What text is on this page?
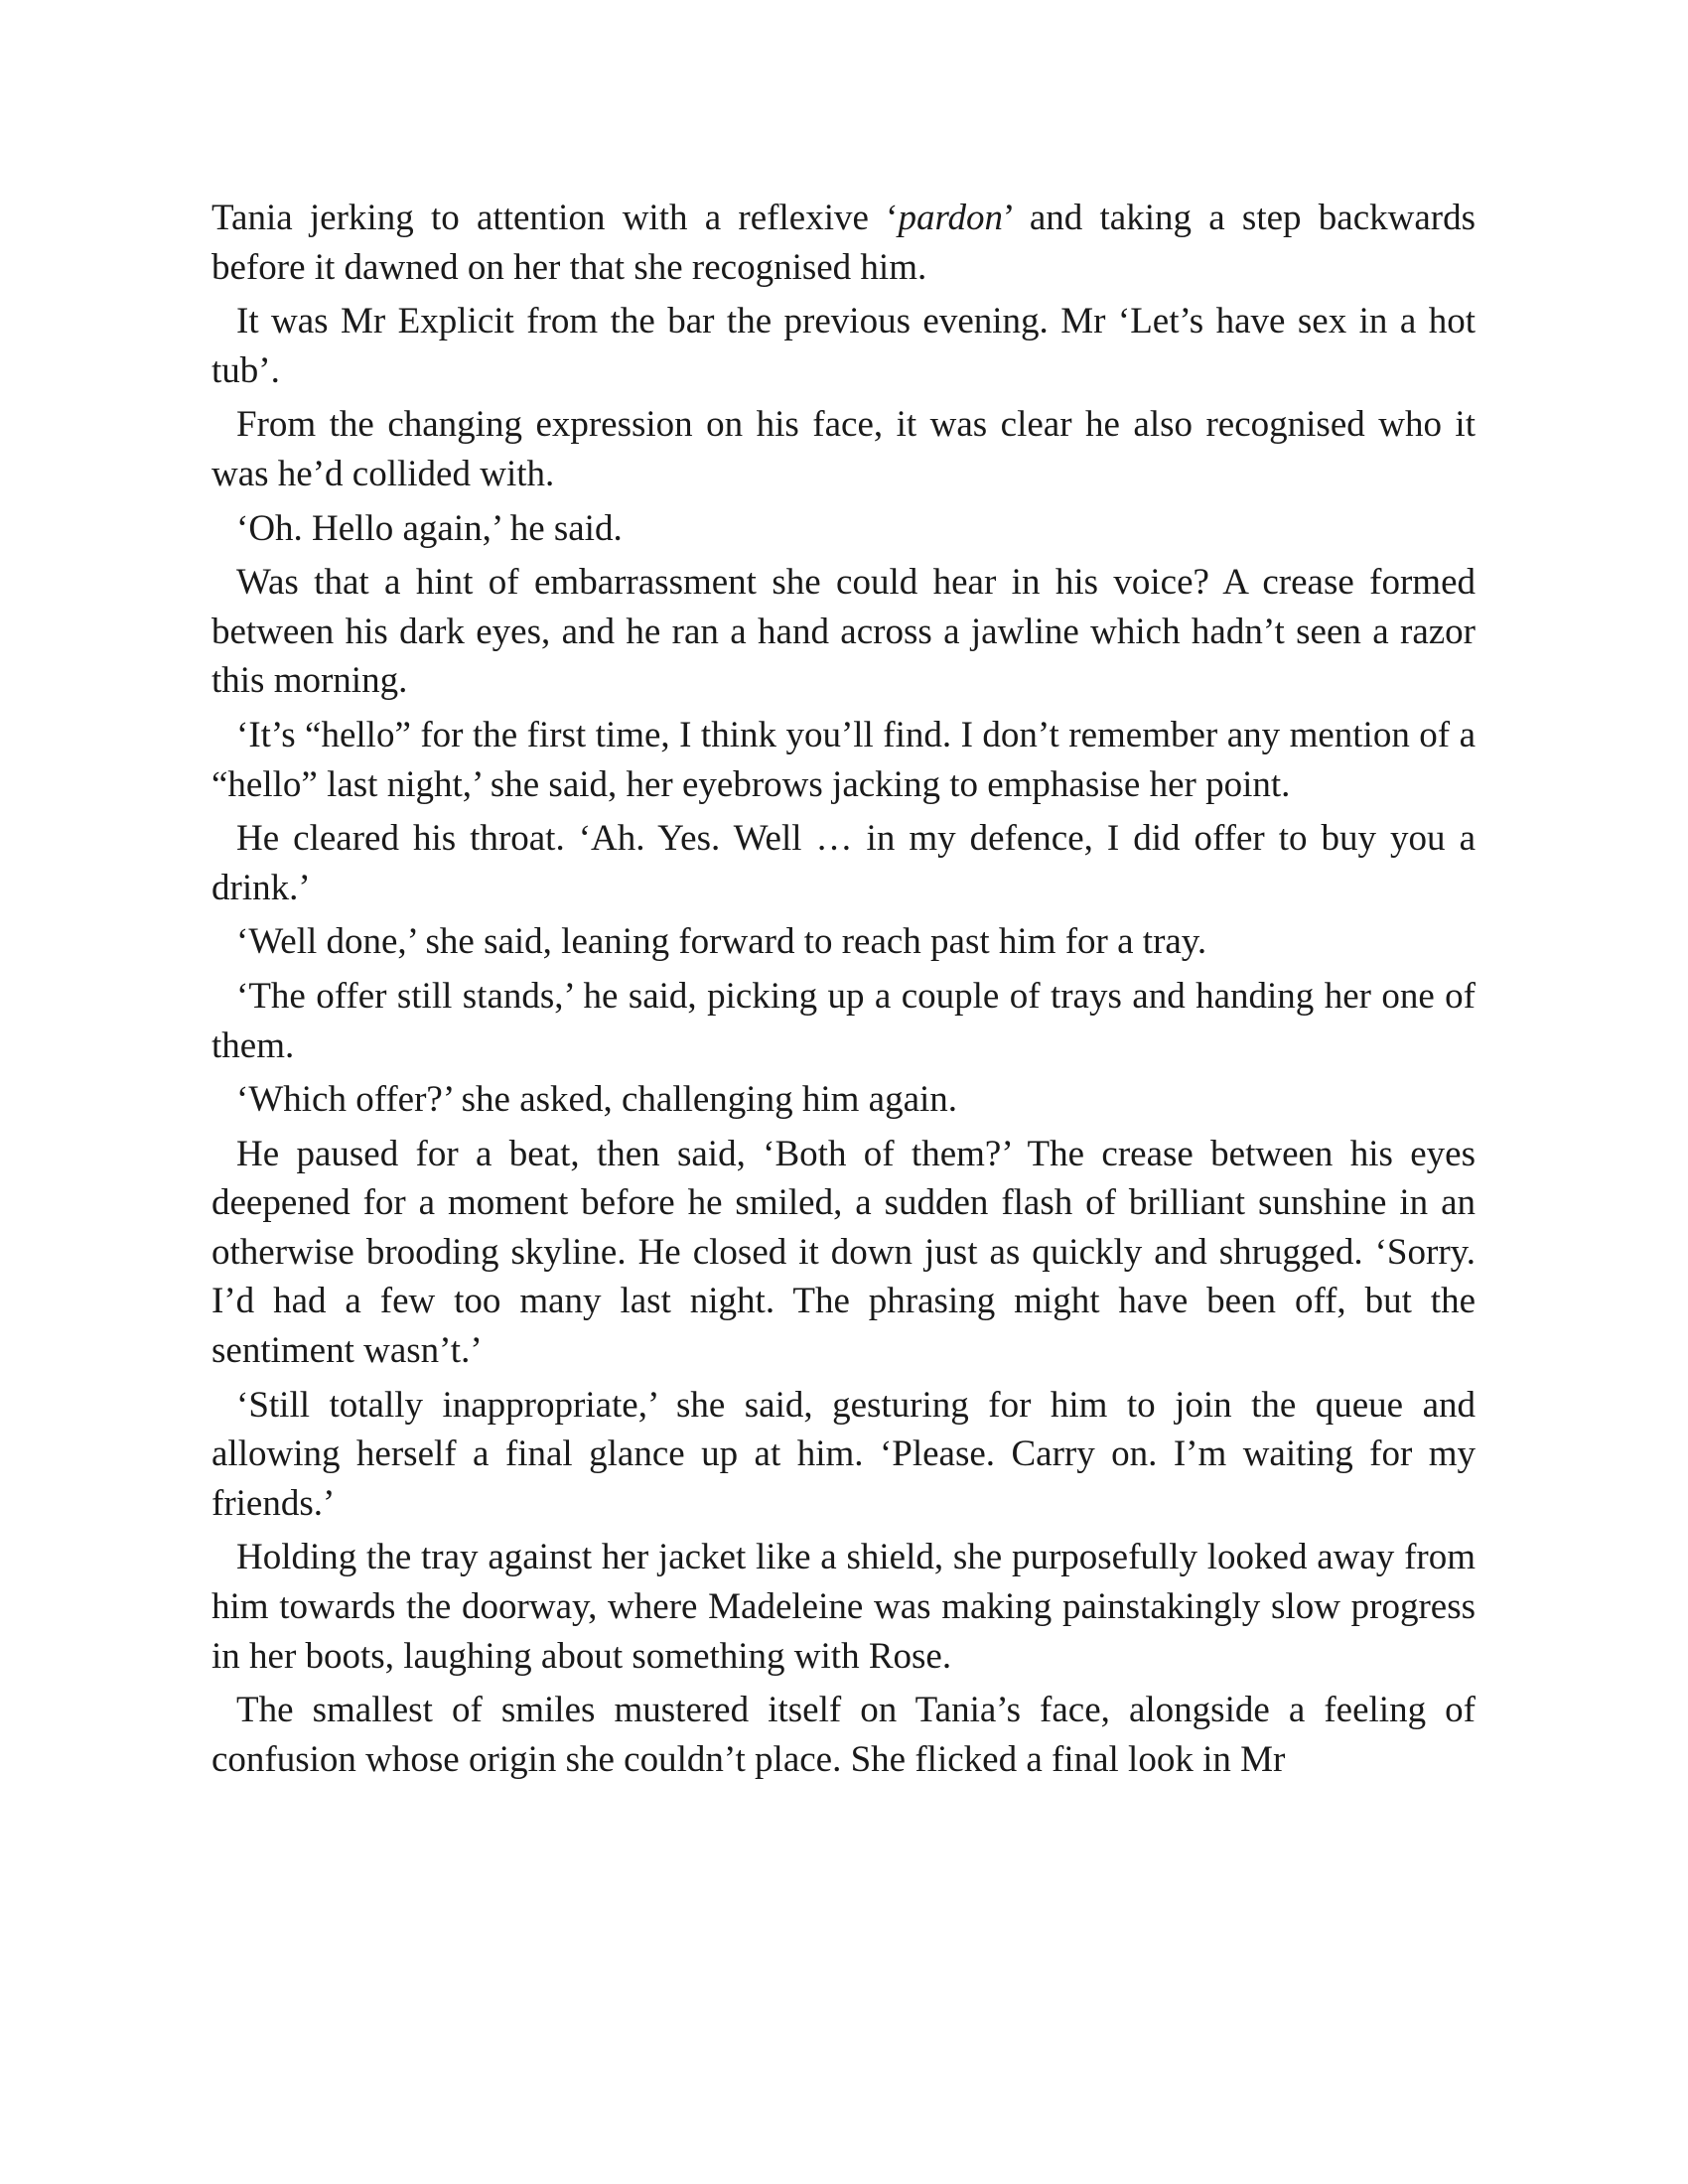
Tania jerking to attention with a reflexive ‘pardon’ and taking a step backwards before it dawned on her that she recognised him.

It was Mr Explicit from the bar the previous evening. Mr ‘Let’s have sex in a hot tub’.

From the changing expression on his face, it was clear he also recognised who it was he’d collided with.

‘Oh. Hello again,’ he said.

Was that a hint of embarrassment she could hear in his voice? A crease formed between his dark eyes, and he ran a hand across a jawline which hadn’t seen a razor this morning.

‘It’s “hello” for the first time, I think you’ll find. I don’t remember any mention of a “hello” last night,’ she said, her eyebrows jacking to emphasise her point.

He cleared his throat. ‘Ah. Yes. Well … in my defence, I did offer to buy you a drink.’

‘Well done,’ she said, leaning forward to reach past him for a tray.

‘The offer still stands,’ he said, picking up a couple of trays and handing her one of them.

‘Which offer?’ she asked, challenging him again.

He paused for a beat, then said, ‘Both of them?’ The crease between his eyes deepened for a moment before he smiled, a sudden flash of brilliant sunshine in an otherwise brooding skyline. He closed it down just as quickly and shrugged. ‘Sorry. I’d had a few too many last night. The phrasing might have been off, but the sentiment wasn’t.’

‘Still totally inappropriate,’ she said, gesturing for him to join the queue and allowing herself a final glance up at him. ‘Please. Carry on. I’m waiting for my friends.’

Holding the tray against her jacket like a shield, she purposefully looked away from him towards the doorway, where Madeleine was making painstakingly slow progress in her boots, laughing about something with Rose.

The smallest of smiles mustered itself on Tania’s face, alongside a feeling of confusion whose origin she couldn’t place. She flicked a final look in Mr
